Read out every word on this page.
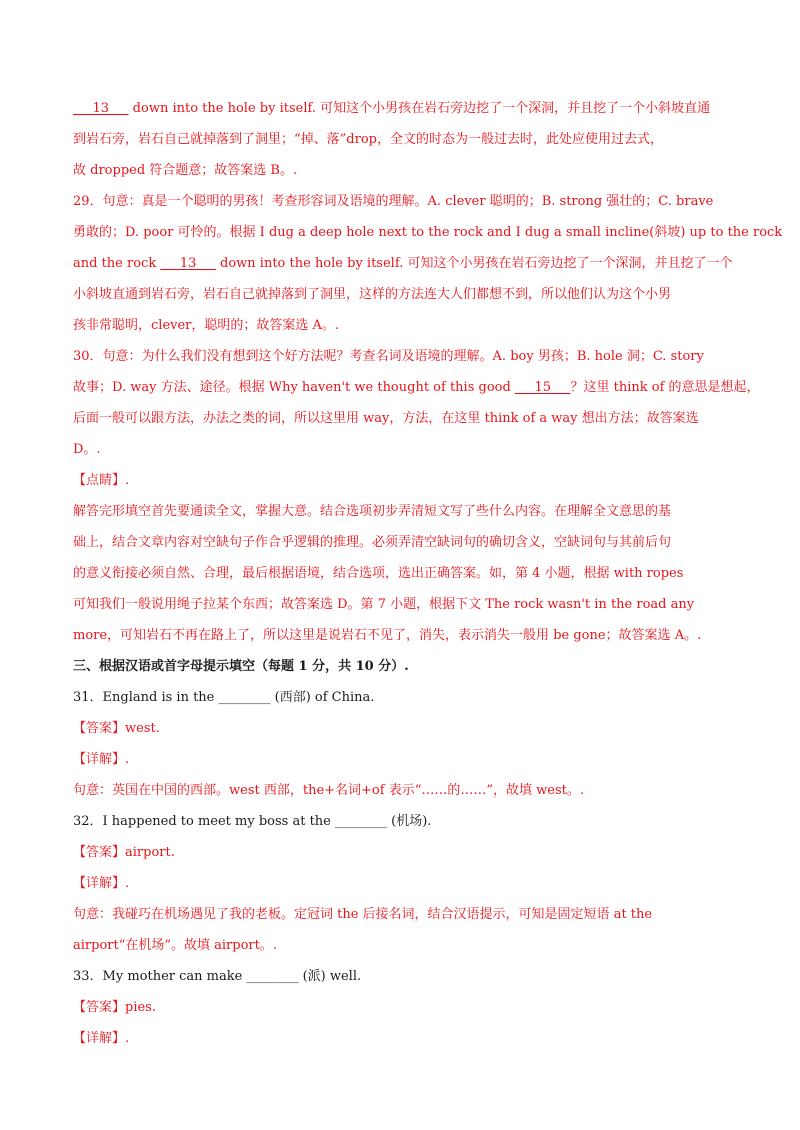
___13___ down into the hole by itself. 可知这个小男孩在岩石旁边挖了一个深洞，并且挖了一个小斜坡直通
到岩石旁，岩石自己就掉落到了洞里；“掉、落”drop，全文的时态为一般过去时，此处应使用过去式，
故 dropped 符合题意；故答案选 B。.
29．句意：真是一个聪明的男孩！考查形容词及语境的理解。A. clever 聪明的；B. strong 强壮的；C. brave
勇敢的；D. poor 可怜的。根据 I dug a deep hole next to the rock and I dug a small incline(斜坡) up to the rock
and the rock ___13___ down into the hole by itself. 可知这个小男孩在岩石旁边挖了一个深洞，并且挖了一个
小斜坡直通到岩石旁，岩石自己就掉落到了洞里，这样的方法连大人们都想不到，所以他们认为这个小男
孩非常聪明，clever，聪明的；故答案选 A。.
30．句意：为什么我们没有想到这个好方法呢？考查名词及语境的理解。A. boy 男孩；B. hole 洞；C. story
故事；D. way 方法、途径。根据 Why haven't we thought of this good ___15___？这里 think of 的意思是想起，
后面一般可以跟方法，办法之类的词，所以这里用 way，方法，在这里 think of a way 想出方法；故答案选
D。.
【点睛】.
解答完形填空首先要通读全文，掌握大意。结合选项初步弄清短文写了些什么内容。在理解全文意思的基
础上，结合文章内容对空缺句子作合乎逻辑的推理。必须弄清空缺词句的确切含义，空缺词句与其前后句
的意义衔接必须自然、合理，最后根据语境，结合选项，选出正确答案。如，第 4 小题，根据 with ropes
可知我们一般说用绳子拉某个东西；故答案选 D。第 7 小题，根据下文 The rock wasn't in the road any
more，可知岩石不再在路上了，所以这里是说岩石不见了，消失，表示消失一般用 be gone；故答案选 A。.
三、根据汉语或首字母提示填空（每题 1 分，共 10 分）.
31．England is in the ________ (西部) of China.
【答案】west.
【详解】.
句意：英国在中国的西部。west 西部，the+名词+of 表示“……的……”，故填 west。.
32．I happened to meet my boss at the ________ (机场).
【答案】airport.
【详解】.
句意：我碰巧在机场遇见了我的老板。定冠词 the 后接名词，结合汉语提示，可知是固定短语 at the
airport“在机场”。故填 airport。.
33．My mother can make ________ (派) well.
【答案】pies.
【详解】.
